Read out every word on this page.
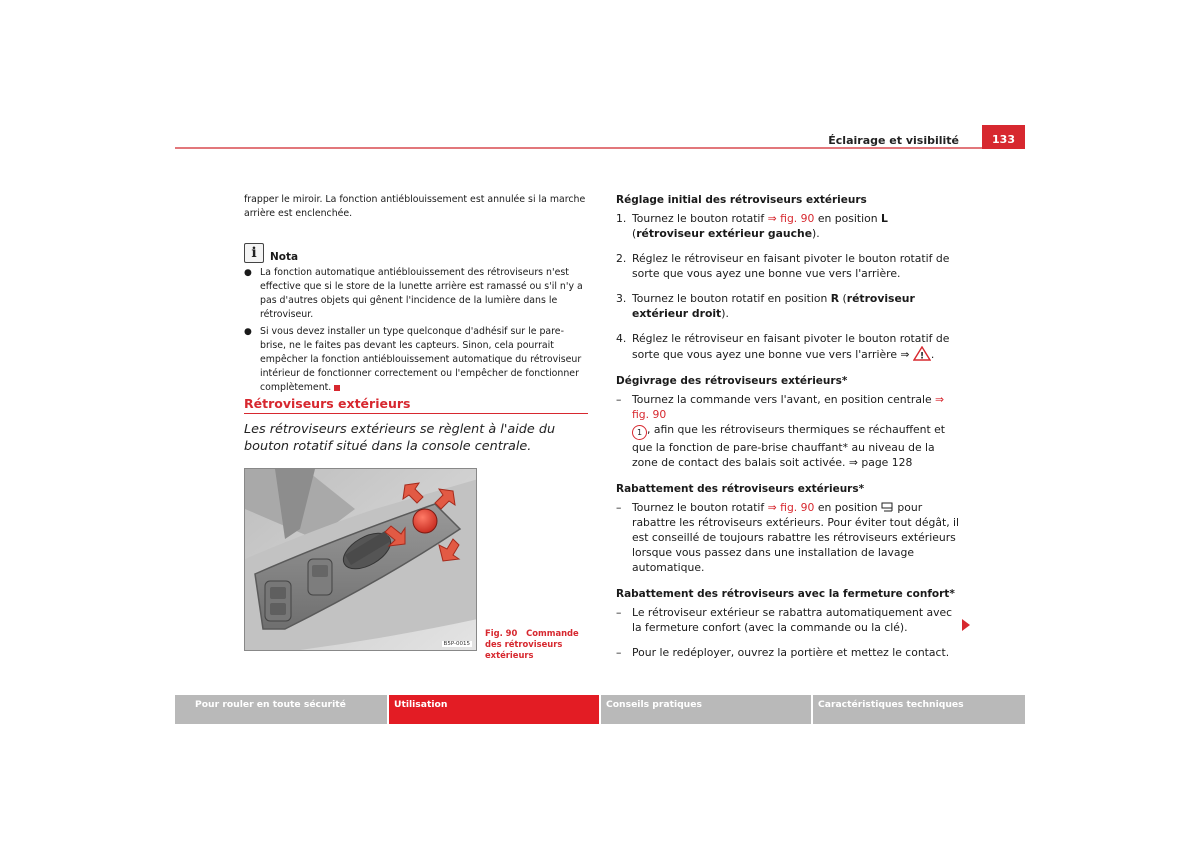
Éclairage et visibilité	133

frapper le miroir. La fonction antiéblouissement est annulée si la marche arrière est enclenchée.

i	Nota
● La fonction automatique antiéblouissement des rétroviseurs n'est effective que si le store de la lunette arrière est ramassé ou s'il n'y a pas d'autres objets qui gênent l'incidence de la lumière dans le rétroviseur.

● Si vous devez installer un type quelconque d'adhésif sur le pare-brise, ne le faites pas devant les capteurs. Sinon, cela pourrait empêcher la fonction antiéblouissement automatique du rétroviseur intérieur de fonctionner correctement ou l'empêcher de fonctionner complètement.

Rétroviseurs extérieurs
Les rétroviseurs extérieurs se règlent à l'aide du bouton rotatif situé dans la console centrale.
B5P-0015
Fig. 90 Commande des rétroviseurs extérieurs

Réglage initial des rétroviseurs extérieurs

1. Tournez le bouton rotatif ⇒ fig. 90 en position L (rétroviseur extérieur gauche).
2. Réglez le rétroviseur en faisant pivoter le bouton rotatif de sorte que vous ayez une bonne vue vers l'arrière.
3. Tournez le bouton rotatif en position R (rétroviseur extérieur droit).
4. Réglez le rétroviseur en faisant pivoter le bouton rotatif de sorte que vous ayez une bonne vue vers l'arrière ⇒ ! .

Dégivrage des rétroviseurs extérieurs*

– Tournez la commande vers l'avant, en position centrale ⇒ fig. 90
1 , afin que les rétroviseurs thermiques se réchauffent et que la fonction de pare-brise chauffant* au niveau de la zone de contact des balais soit activée. ⇒ page 128

Rabattement des rétroviseurs extérieurs*

– Tournez le bouton rotatif ⇒ fig. 90 en position  pour rabattre les rétroviseurs extérieurs. Pour éviter tout dégât, il est conseillé de toujours rabattre les rétroviseurs extérieurs lorsque vous passez dans une installation de lavage automatique.

Rabattement des rétroviseurs avec la fermeture confort*

– Le rétroviseur extérieur se rabattra automatiquement avec la fermeture confort (avec la commande ou la clé).
– Pour le redéployer, ouvrez la portière et mettez le contact.
Pour rouler en toute sécurité	Utilisation	Conseils pratiques	Caractéristiques techniques
